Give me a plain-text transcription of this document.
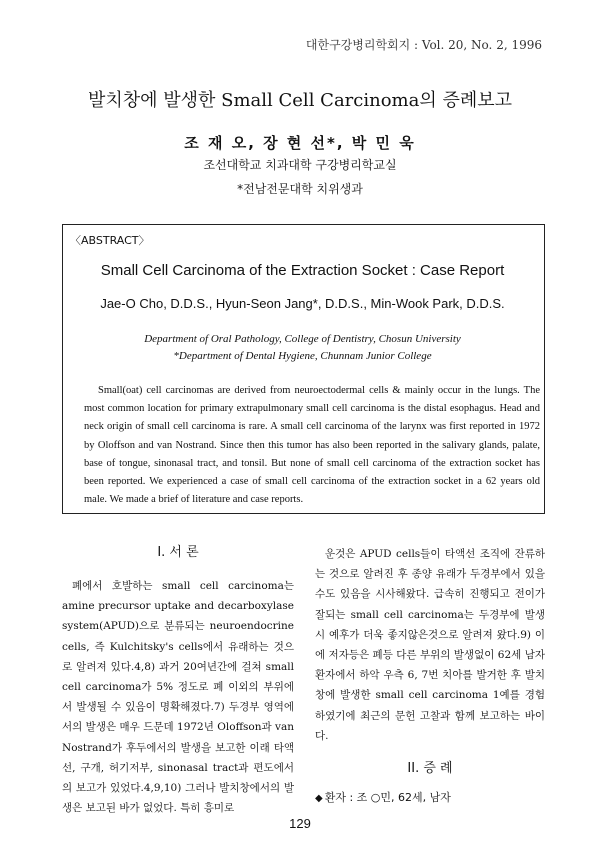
대한구강병리학회지 : Vol. 20, No. 2, 1996
발치창에 발생한 Small Cell Carcinoma의 증례보고
조 재 오, 장 현 선*, 박 민 욱
조선대학교 치과대학 구강병리학교실
*전남전문대학 치위생과
〈ABSTRACT〉
Small Cell Carcinoma of the Extraction Socket : Case Report
Jae-O Cho, D.D.S., Hyun-Seon Jang*, D.D.S., Min-Wook Park, D.D.S.
Department of Oral Pathology, College of Dentistry, Chosun University
*Department of Dental Hygiene, Chunnam Junior College

Small(oat) cell carcinomas are derived from neuroectodermal cells & mainly occur in the lungs. The most common location for primary extrapulmonary small cell carcinoma is the distal esophagus. Head and neck origin of small cell carcinoma is rare. A small cell carcinoma of the larynx was first reported in 1972 by Oloffson and van Nostrand. Since then this tumor has also been reported in the salivary glands, palate, base of tongue, sinonasal tract, and tonsil. But none of small cell carcinoma of the extraction socket has been reported. We experienced a case of small cell carcinoma of the extraction socket in a 62 years old male. We made a brief of literature and case reports.

I. 서 론

폐에서 호발하는 small cell carcinoma는 amine precursor uptake and decarboxylase system(APUD)으로 분류되는 neuroendocrine cells, 즉 Kulchitsky's cells에서 유래하는 것으로 알려져 있다.4,8) 과거 20여년간에 걸쳐 small cell carcinoma가 5% 정도로 폐 이외의 부위에서 발생될 수 있음이 명확해졌다.7) 두경부 영역에서의 발생은 매우 드문데 1972년 Oloffson과 van Nostrand가 후두에서의 발생을 보고한 이래 타액선, 구개, 허기저부, sinonasal tract과 편도에서의 보고가 있었다.4,9,10) 그러나 발치창에서의 발생은 보고된 바가 없었다. 특히 흥미로

운것은 APUD cells들이 타액선 조직에 잔류하는 것으로 알려진 후 종양 유래가 두경부에서 있을수도 있음을 시사해왔다. 급속히 진행되고 전이가 잘되는 small cell carcinoma는 두경부에 발생시 예후가 더욱 좋지않은것으로 알려져 왔다.9) 이에 저자등은 폐등 다른 부위의 발생없이 62세 남자 환자에서 하악 우측 6, 7번 치아를 발거한 후 발치창에 발생한 small cell carcinoma 1예를 경험하였기에 최근의 문헌 고찰과 함께 보고하는 바이다.

II. 증 례
◆ 환자 : 조 ○민, 62세, 남자
129
